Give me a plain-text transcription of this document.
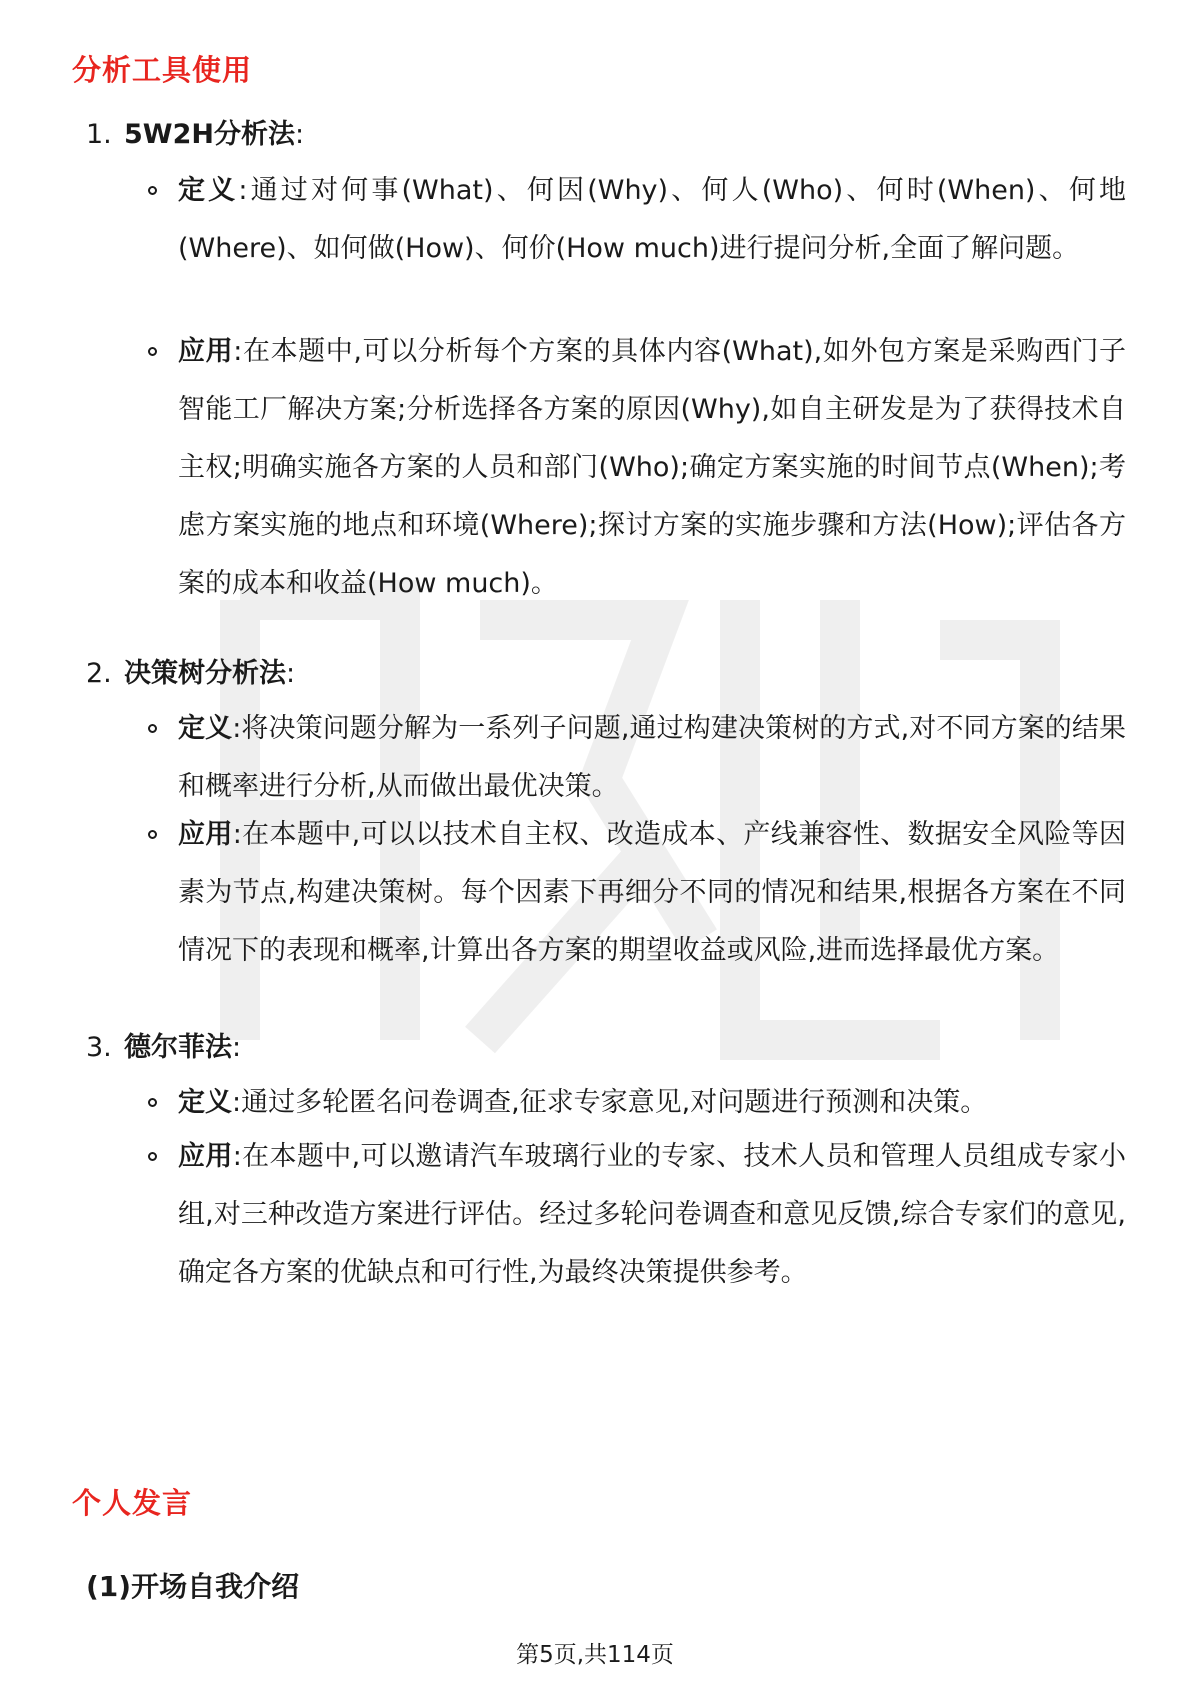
分析工具使用
1. 5W2H分析法:
定义:通过对何事(What)、何因(Why)、何人(Who)、何时(When)、何地(Where)、如何做(How)、何价(How much)进行提问分析,全面了解问题。
应用:在本题中,可以分析每个方案的具体内容(What),如外包方案是采购西门子智能工厂解决方案;分析选择各方案的原因(Why),如自主研发是为了获得技术自主权;明确实施各方案的人员和部门(Who);确定方案实施的时间节点(When);考虑方案实施的地点和环境(Where);探讨方案的实施步骤和方法(How);评估各方案的成本和收益(How much)。
2. 决策树分析法:
定义:将决策问题分解为一系列子问题,通过构建决策树的方式,对不同方案的结果和概率进行分析,从而做出最优决策。
应用:在本题中,可以以技术自主权、改造成本、产线兼容性、数据安全风险等因素为节点,构建决策树。每个因素下再细分不同的情况和结果,根据各方案在不同情况下的表现和概率,计算出各方案的期望收益或风险,进而选择最优方案。
3. 德尔菲法:
定义:通过多轮匿名问卷调查,征求专家意见,对问题进行预测和决策。
应用:在本题中,可以邀请汽车玻璃行业的专家、技术人员和管理人员组成专家小组,对三种改造方案进行评估。经过多轮问卷调查和意见反馈,综合专家们的意见,确定各方案的优缺点和可行性,为最终决策提供参考。
个人发言
(1)开场自我介绍
第5页,共114页
